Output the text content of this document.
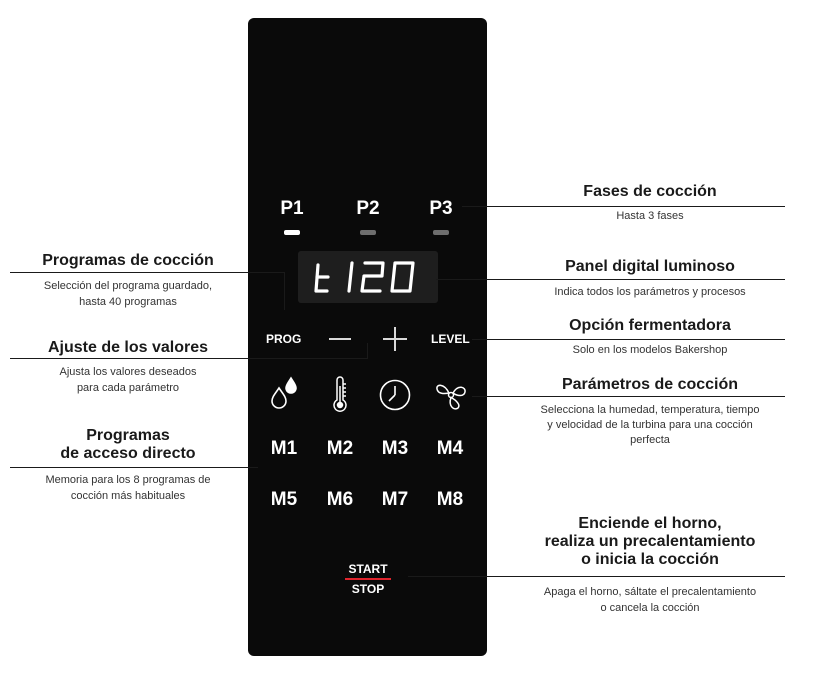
P1	P2	P3
PROG	LEVEL
M1	M2	M3	M4
M5	M6	M7	M8
START
STOP
Fases de cocción
Hasta 3 fases
Panel digital luminoso
Indica todos los parámetros y procesos
Opción fermentadora
Solo en los modelos Bakershop
Parámetros de cocción
Selecciona la humedad, temperatura, tiempo
y velocidad de la turbina para una cocción
perfecta
Enciende el horno,
realiza un precalentamiento
o inicia la cocción
Apaga el horno, sáltate el precalentamiento
o cancela la cocción
Programas de cocción
Selección del programa guardado,
hasta 40 programas
Ajuste de los valores
Ajusta los valores deseados
para cada parámetro
Programas
de acceso directo
Memoria para los 8 programas de
cocción más habituales
